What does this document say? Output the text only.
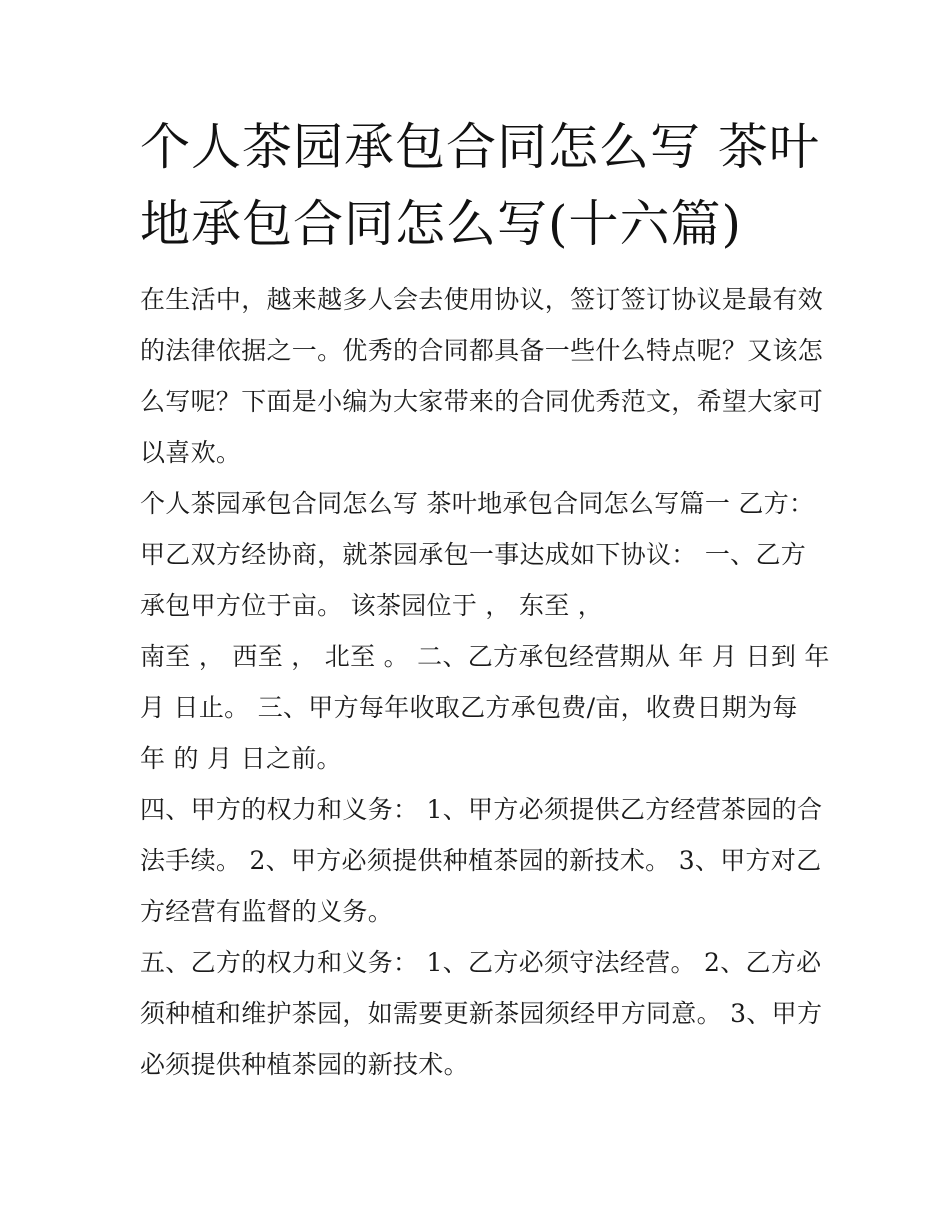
个人茶园承包合同怎么写 茶叶
地承包合同怎么写(十六篇)
在生活中，越来越多人会去使用协议，签订签订协议是最有效
的法律依据之一。优秀的合同都具备一些什么特点呢？又该怎
么写呢？下面是小编为大家带来的合同优秀范文，希望大家可
以喜欢。
个人茶园承包合同怎么写 茶叶地承包合同怎么写篇一 乙方：
甲乙双方经协商，就茶园承包一事达成如下协议： 一、乙方
承包甲方位于亩。 该茶园位于 ， 东至 ，
南至 ， 西至 ， 北至 。 二、乙方承包经营期从 年 月 日到 年
月 日止。 三、甲方每年收取乙方承包费/亩，收费日期为每
年 的 月 日之前。
四、甲方的权力和义务： 1、甲方必须提供乙方经营茶园的合
法手续。 2、甲方必须提供种植茶园的新技术。 3、甲方对乙
方经营有监督的义务。
五、乙方的权力和义务： 1、乙方必须守法经营。 2、乙方必
须种植和维护茶园，如需要更新茶园须经甲方同意。 3、甲方
必须提供种植茶园的新技术。
